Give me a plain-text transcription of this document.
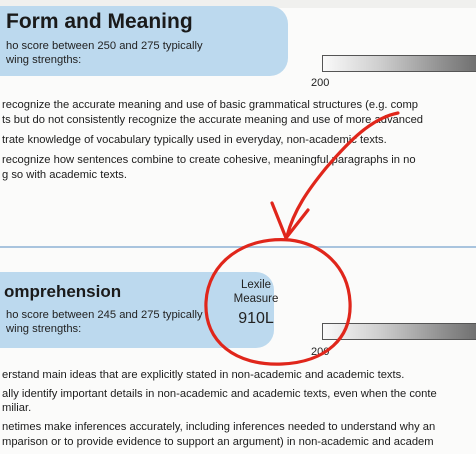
Form and Meaning
ho score between 250 and 275 typically
wing strengths:
200
recognize the accurate meaning and use of basic grammatical structures (e.g. comp
ts but do not consistently recognize the accurate meaning and use of more advanced
trate knowledge of vocabulary typically used in everyday, non-academic texts.
recognize how sentences combine to create cohesive, meaningful paragraphs in no
g so with academic texts.
omprehension
ho score between 245 and 275 typically
wing strengths:
Lexile
Measure
910L
200
erstand main ideas that are explicitly stated in non-academic and academic texts.
ally identify important details in non-academic and academic texts, even when the conte
miliar.
netimes make inferences accurately, including inferences needed to understand why an
mparison or to provide evidence to support an argument) in non-academic and academ
